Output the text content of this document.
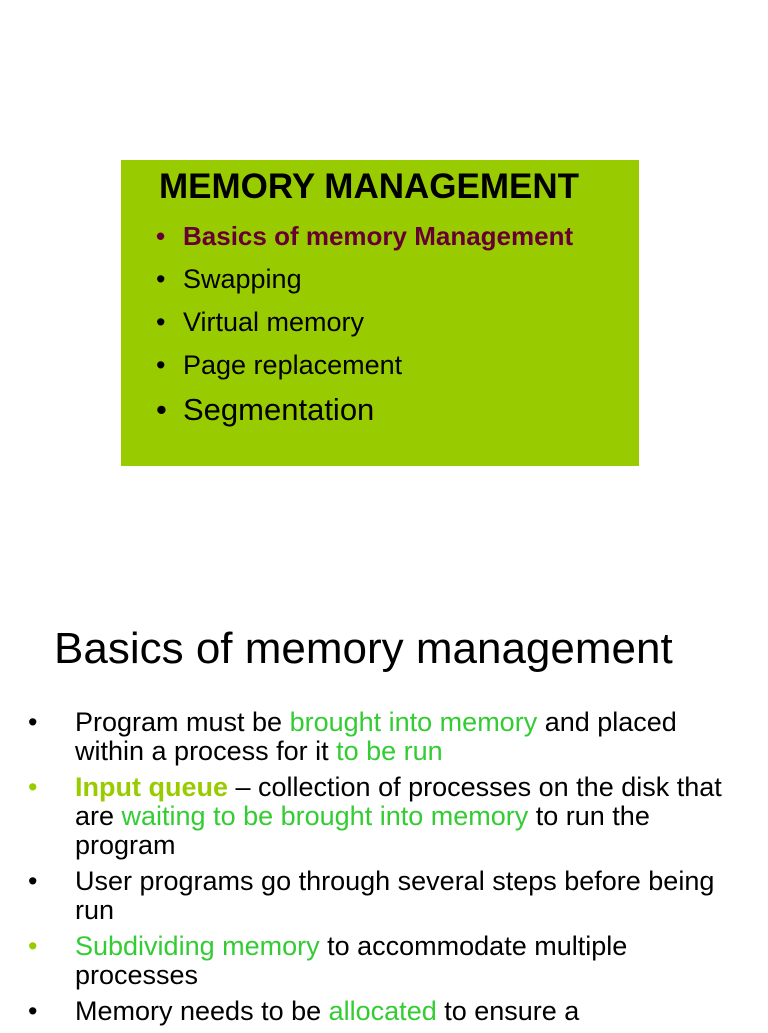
MEMORY MANAGEMENT
• Basics of memory Management
• Swapping
• Virtual memory
• Page replacement
• Segmentation
Basics of memory management
• Program must be brought into memory and placed within a process for it to be run
• Input queue – collection of processes on the disk that are waiting to be brought into memory to run the program
• User programs go through several steps before being run
• Subdividing memory to accommodate multiple processes
• Memory needs to be allocated to ensure a
